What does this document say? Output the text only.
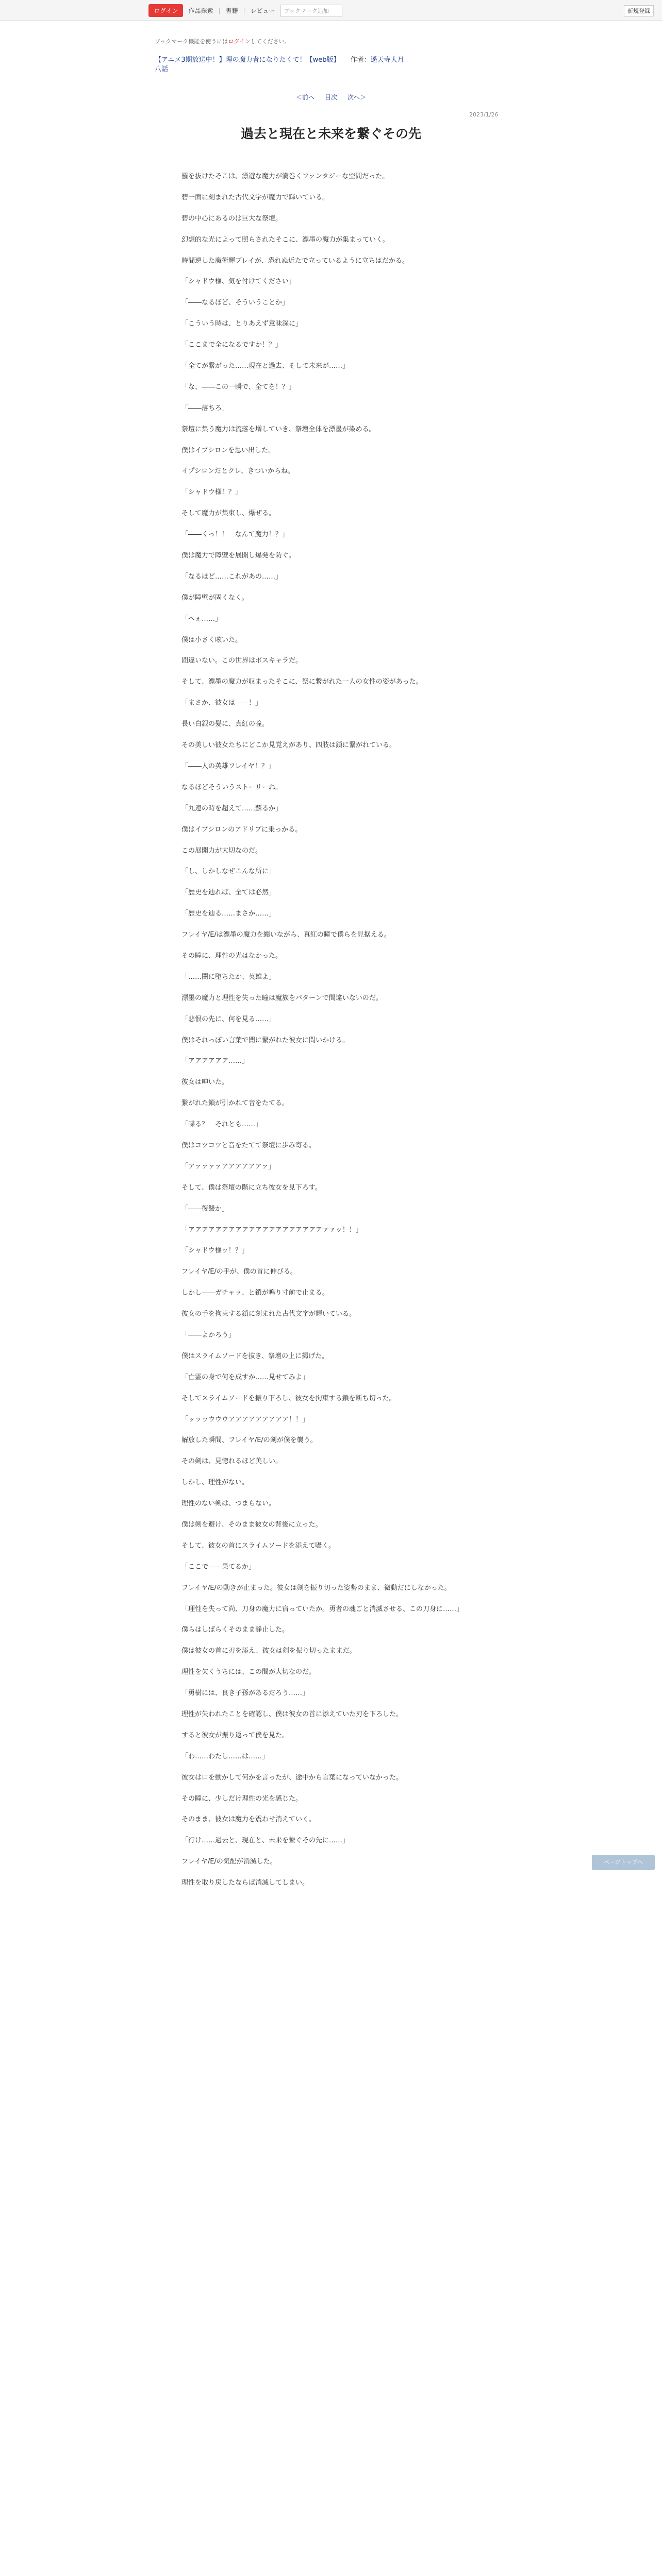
ログイン	作品探索 | 書籍 | レビュー	ブックマーク追加	新規登録
ブックマーク機能を使うにはログインしてください。
【アニメ3期放送中！】理の魔力者になりたくて！【web版】 作者：遥天寺大月
八話
＜前へ 目次 次へ＞
2023/1/26
過去と現在と未来を繋ぐその先

羅を抜けたそこは、漂遊な魔力が満巻くファンタジーな空間だった。

碧一面に刻まれた古代文字が魔力で輝いている。

碧の中心にあるのは巨大な祭壇。

幻想的な光によって照らされたそこに、漂墨の魔力が集まっていく。

時間逆した魔術輝ブレイが、恐れぬ近たで立っているように立ちはだかる。

「シャドウ様、気を付けてください」

「――なるほど、そういうことか」

「こういう時は、とりあえず意味深に」

「ここまで全になるですか！？」

「全てが繋がった……現在と過去、そして未来が……」

「な、――この一瞬で、全てを！？」

「――落ちろ」

祭壇に集う魔力は流落を増していき、祭壇全体を漂墨が染める。

僕はイプシロンを思い出した。

イプシロンだとクレ、きついからね。

「シャドウ様！？」

そして魔力が集束し、爆ぜる。

「――くっ！！　なんて魔力！？」

僕は魔力で障壁を展開し爆発を防ぐ。

「なるほど……これがあの……」

僕が障壁が固くなく。

「へぇ……」

僕は小さく呟いた。

間違いない。この世界はボスキャラだ。

そして、漂墨の魔力が収まったそこに、祭に繋がれた一人の女性の姿があった。

「まさか、彼女は――！」

長い白銀の髪に、真紅の瞳。

その美しい彼女たちにどこか見覚えがあり、四肢は鎖に繋がれている。

「――人の英雄フレイヤ！？」

なるほどそういうストーリーね。

「九連の時を超えて……蘇るか」

僕はイプシロンのアドリブに乗っかる。

この展開力が大切なのだ。

「し、しかしなぜこんな所に」

「歴史を辿れば、全ては必然」

「歴史を辿る……まさか……」

フレイヤ/E/は漂墨の魔力を纏いながら、真紅の瞳で僕らを見据える。

その瞳に、理性の光はなかった。

「……闇に堕ちたか、英雄よ」

漂墨の魔力と理性を失った瞳は魔族をパターンで間違いないのだ。

「悲恨の先に、何を見る……」

僕はそれっぽい言葉で闇に繋がれた彼女に問いかける。

「アアアアアア……」

彼女は呻いた。

繋がれた鎖が引かれて音をたてる。

「喋る？　それとも……」

僕はコツコツと音をたてて祭壇に歩み寄る。

「アァァァァアアアアアアァ」

そして、僕は祭壇の階に立ち彼女を見下ろす。

「――復讐か」

「アアアアアアアアアアアアアアアアアアアアァァッ！！」

「シャドウ様ッ！？」

フレイヤ/E/の手が、僕の首に伸びる。

しかし――ガチャッ、と鎖が鳴り寸前で止まる。

彼女の手を拘束する鎖に刻まれた古代文字が輝いている。

「――よかろう」

僕はスライムソードを抜き、祭壇の上に掲げた。

「亡霊の身で何を成すか……見せてみよ」

そしてスライムソードを振り下ろし、彼女を拘束する鎖を断ち切った。

「ッッッウウウアアアアアアアアア！！」

解放した瞬間、フレイヤ/E/の剣が僕を襲う。

その剣は、見惚れるほど美しい。

しかし、理性がない。

理性のない剣は、つまらない。

僕は剣を避け、そのまま彼女の背後に立った。

そして、彼女の首にスライムソードを添えて囁く。

「ここで――果てるか」

フレイヤ/E/の動きが止まった。彼女は剣を振り切った姿勢のまま、微動だにしなかった。

「理性を失って尚、刀身の魔力に宿っていたか。勇者の魂ごと消滅させる、この刀身に……」

僕らはしばらくそのまま静止した。

僕は彼女の首に刃を添え、彼女は剣を振り切ったままだ。

理性を欠くうちには、この間が大切なのだ。

「勇樹には、良き子孫があるだろう……」

理性が失われたことを確認し、僕は彼女の首に添えていた刃を下ろした。

すると彼女が振り返って僕を見た。

「わ……わたし……は……」

彼女は口を動かして何かを言ったが、途中から言葉になっていなかった。

その瞳に、少しだけ理性の光を感じた。

そのまま、彼女は魔力を震わせ消えていく。

「行け……過去と、現在と、未来を繋ぐその先に……」

フレイヤ/E/の気配が消滅した。

理性を取り戻したならば消滅してしまい。

ページトップへ
